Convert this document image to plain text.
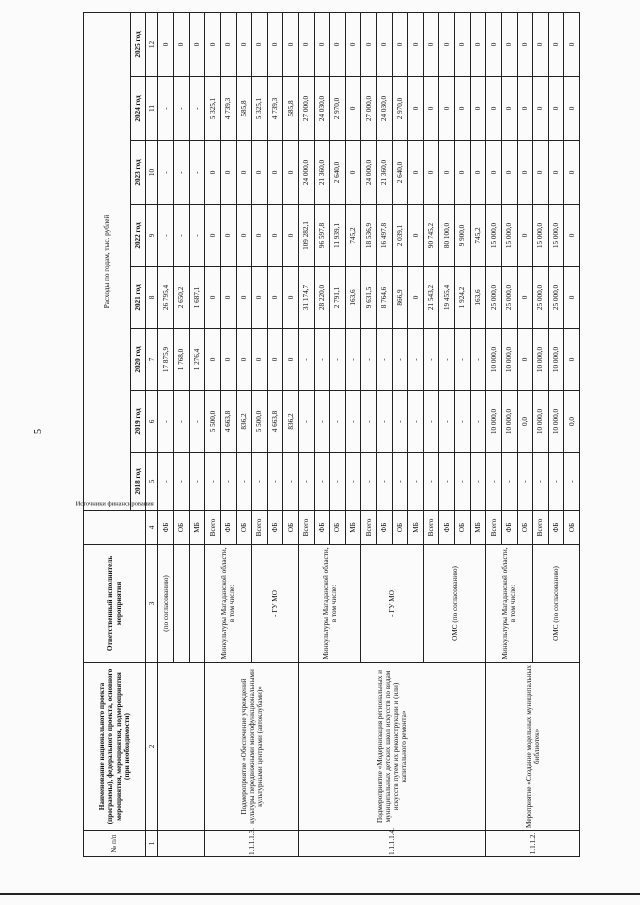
5
№ п/п	Наименование национального проекта (программы), федерального проекта, основного мероприятия, мероприятия, подмероприятия (при необходимости)	Ответственный исполнитель мероприятия	Источники финансирования	Расходы по годам, тыс. рублей							
				2018 год	2019 год	2020 год	2021 год	2022 год	2023 год	2024 год	2025 год
1	2	3	4	5	6	7	8	9	10	11	12
		(по согласованию)	ФБ	-	-	17 875,9	26 795,4	-	-	-	0
			ОБ	-	-	1 768,0	2 650,2	-	-	-	0
			МБ	-	-	1 276,4	1 687,1	-	-	-	0
1.1.1.1.3.	Подмероприятие «Обеспечение учреждений культуры передвижными многофункциональными культурными центрами (автоклубами)»	Минкультуры Магаданской области, в том числе:	Всего	-	5 500,0	0	0	0	0	5 325,1	0
			ФБ	-	4 663,8	0	0	0	0	4 739,3	0
			ОБ	-	836,2	0	0	0	0	585,8	0
		- ГУ МО	Всего	-	5 500,0	0	0	0	0	5 325,1	0
			ФБ	-	4 663,8	0	0	0	0	4 739,3	0
			ОБ	-	836,2	0	0	0	0	585,8	0
1.1.1.1.4.	Подмероприятие «Модернизация региональных и муниципальных детских школ искусств по видам искусств путем их реконструкции и (или) капитального ремонта»	Минкультуры Магаданской области, в том числе:	Всего	-	-	-	31 174,7	109 282,1	24 000,0	27 000,0	0
			ФБ	-	-	-	28 220,0	96 597,8	21 360,0	24 030,0	0
			ОБ	-	-	-	2 791,1	11 939,1	2 640,0	2 970,0	0
			МБ	-	-	-	163,6	745,2	0	0	0
		- ГУ МО	Всего	-	-	-	9 631,5	18 536,9	24 000,0	27 000,0	0
			ФБ	-	-	-	8 764,6	16 497,8	21 360,0	24 030,0	0
			ОБ	-	-	-	866,9	2 039,1	2 640,0	2 970,0	0
			МБ	-	-	-	0	0	0	0	0
		ОМС (по согласованию)	Всего	-	-	-	21 543,2	90 745,2	0	0	0
			ФБ	-	-	-	19 455,4	80 100,0	0	0	0
			ОБ	-	-	-	1 924,2	9 900,0	0	0	0
			МБ	-	-	-	163,6	745,2	0	0	0
1.1.1.2.	Мероприятие «Создание модельных муниципальных библиотек»	Минкультуры Магаданской области, в том числе:	Всего	-	10 000,0	10 000,0	25 000,0	15 000,0	0	0	0
			ФБ	-	10 000,0	10 000,0	25 000,0	15 000,0	0	0	0
			ОБ	-	0,0	0	0	0	0	0	0
		ОМС (по согласованию)	Всего	-	10 000,0	10 000,0	25 000,0	15 000,0	0	0	0
			ФБ	-	10 000,0	10 000,0	25 000,0	15 000,0	0	0	0
			ОБ	-	0,0	0	0	0	0	0	0
